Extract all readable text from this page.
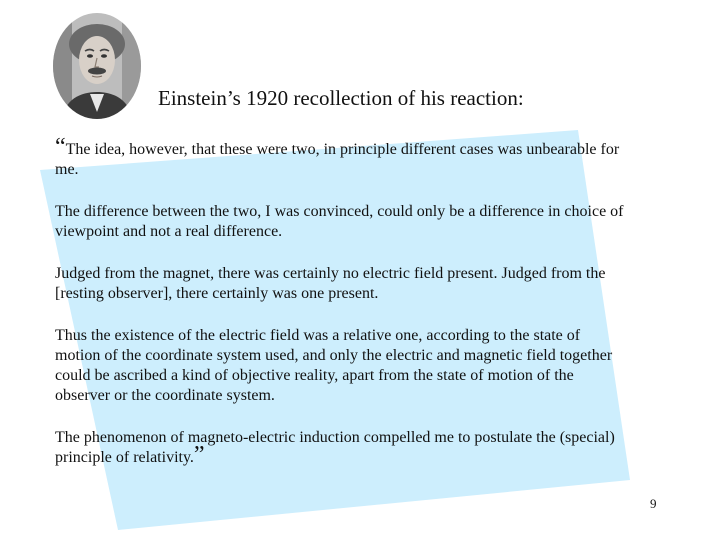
Einstein’s 1920 recollection of his reaction:

“The idea, however, that these were two, in principle different cases was unbearable for me.

The difference between the two, I was convinced, could only be a difference in choice of viewpoint and not a real difference.

Judged from the magnet, there was certainly no electric field present. Judged from the [resting observer], there certainly was one present.

Thus the existence of the electric field was a relative one, according to the state of motion of the coordinate system used, and only the electric and magnetic field together could be ascribed a kind of objective reality, apart from the state of motion of the observer or the coordinate system.

The phenomenon of magneto-electric induction compelled me to postulate the (special) principle of relativity.”

9
